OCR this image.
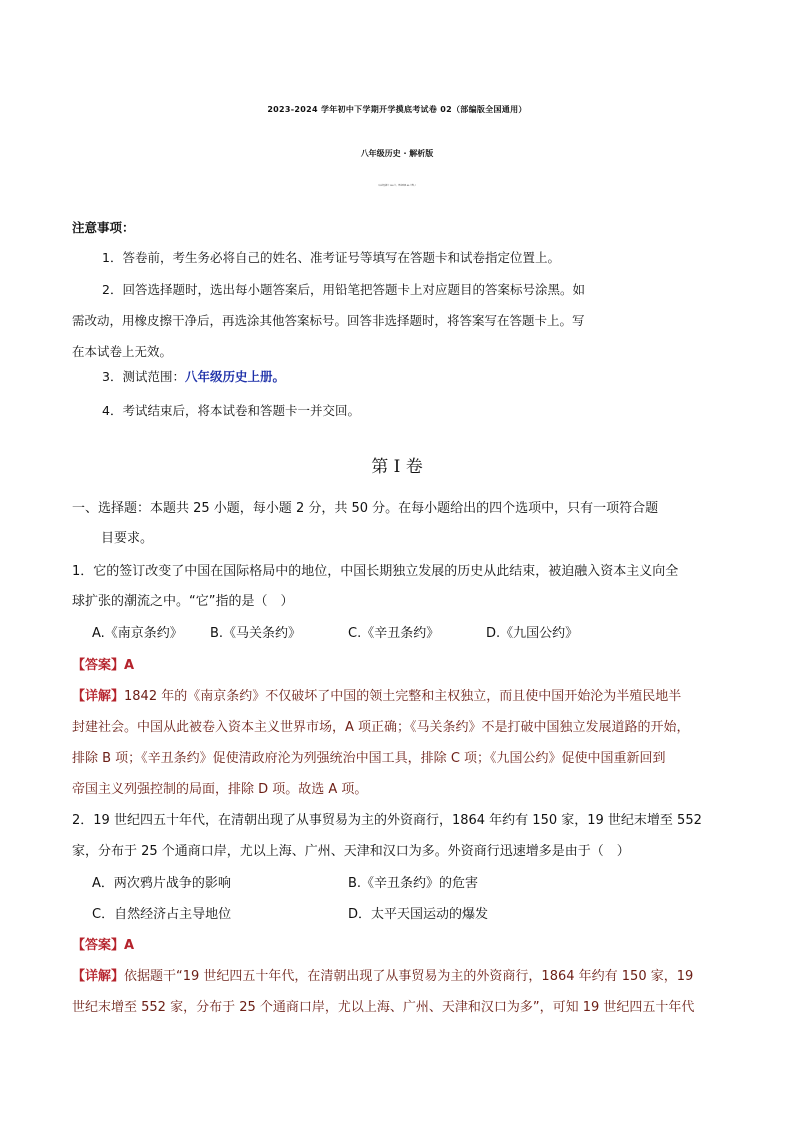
2023-2024 学年初中下学期开学摸底考试卷 02（部编版全国通用）
八年级历史 · 解析版
（本试卷满分 100 分，考试时间 60 分钟。）
注意事项：
1．答卷前，考生务必将自己的姓名、准考证号等填写在答题卡和试卷指定位置上。
2．回答选择题时，选出每小题答案后，用铅笔把答题卡上对应题目的答案标号涂黑。如
需改动，用橡皮擦干净后，再选涂其他答案标号。回答非选择题时，将答案写在答题卡上。写
在本试卷上无效。
3．测试范围：八年级历史上册。
4．考试结束后，将本试卷和答题卡一并交回。
第 I 卷
一、选择题：本题共 25 小题，每小题 2 分，共 50 分。在每小题给出的四个选项中，只有一项符合题
目要求。
1．它的签订改变了中国在国际格局中的地位，中国长期独立发展的历史从此结束，被迫融入资本主义向全
球扩张的潮流之中。“它”指的是（　）
A.《南京条约》 B.《马关条约》	C.《辛丑条约》	D.《九国公约》
【答案】A
【详解】1842 年的《南京条约》不仅破坏了中国的领土完整和主权独立，而且使中国开始沦为半殖民地半
封建社会。中国从此被卷入资本主义世界市场，A 项正确；《马关条约》不是打破中国独立发展道路的开始，
排除 B 项；《辛丑条约》促使清政府沦为列强统治中国工具，排除 C 项；《九国公约》促使中国重新回到
帝国主义列强控制的局面，排除 D 项。故选 A 项。
2．19 世纪四五十年代，在清朝出现了从事贸易为主的外资商行，1864 年约有 150 家，19 世纪末增至 552
家，分布于 25 个通商口岸，尤以上海、广州、天津和汉口为多。外资商行迅速增多是由于（　）
A．两次鸦片战争的影响	B.《辛丑条约》的危害
C．自然经济占主导地位	D．太平天国运动的爆发
【答案】A
【详解】依据题干“19 世纪四五十年代，在清朝出现了从事贸易为主的外资商行，1864 年约有 150 家，19
世纪末增至 552 家，分布于 25 个通商口岸，尤以上海、广州、天津和汉口为多”，可知 19 世纪四五十年代
